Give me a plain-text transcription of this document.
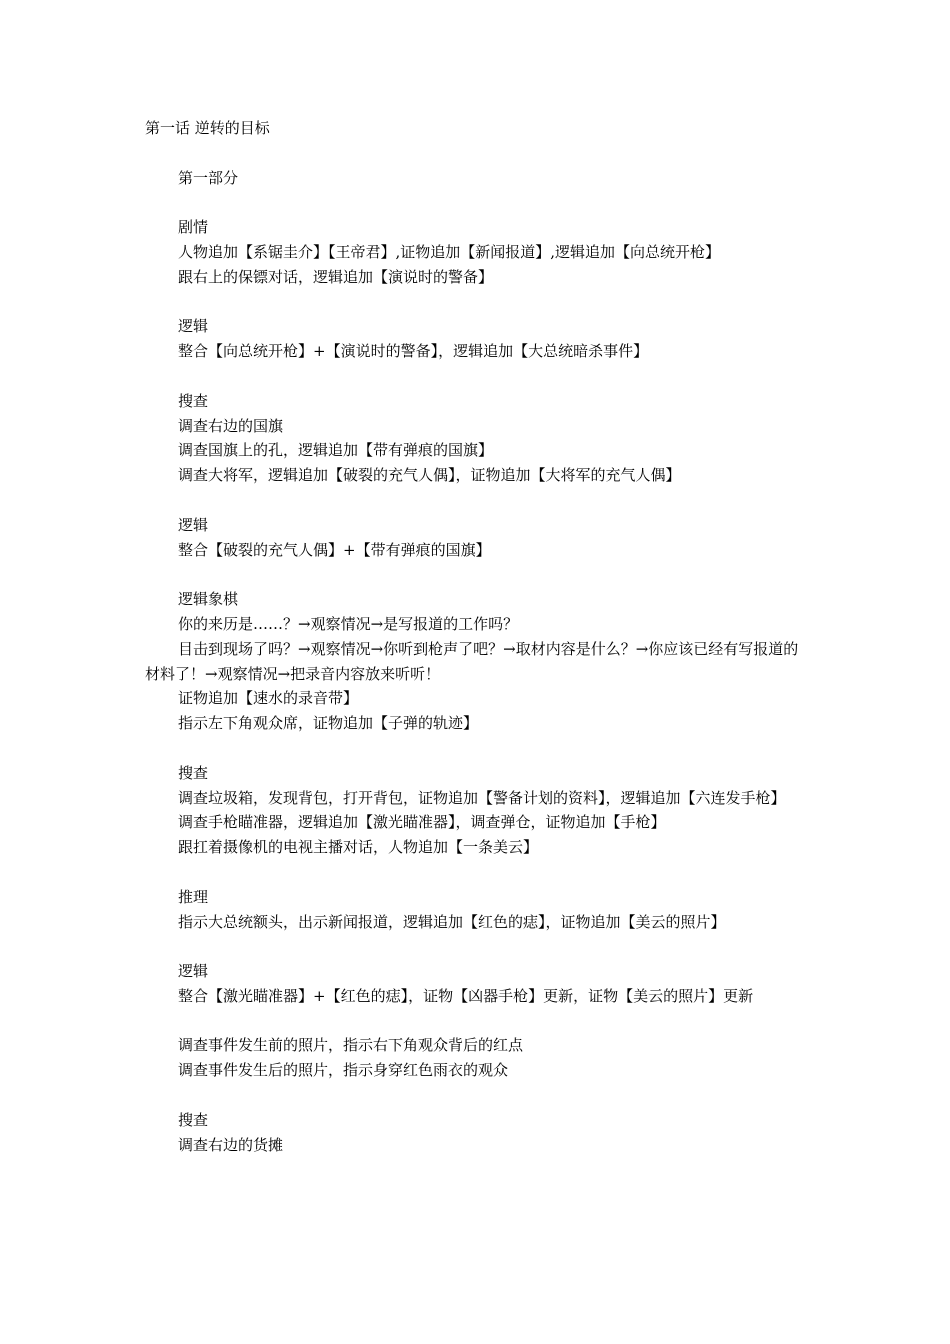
第一话 逆转的目标
第一部分
剧情
人物追加【系锯圭介】【王帝君】,证物追加【新闻报道】,逻辑追加【向总统开枪】
跟右上的保镖对话，逻辑追加【演说时的警备】
逻辑
整合【向总统开枪】+【演说时的警备】，逻辑追加【大总统暗杀事件】
搜查
调查右边的国旗
调查国旗上的孔，逻辑追加【带有弹痕的国旗】
调查大将军，逻辑追加【破裂的充气人偶】，证物追加【大将军的充气人偶】
逻辑
整合【破裂的充气人偶】+【带有弹痕的国旗】
逻辑象棋
你的来历是……？→观察情况→是写报道的工作吗？
目击到现场了吗？→观察情况→你听到枪声了吧？→取材内容是什么？→你应该已经有写报道的材料了！→观察情况→把录音内容放来听听！
证物追加【速水的录音带】
指示左下角观众席，证物追加【子弹的轨迹】
搜查
调查垃圾箱，发现背包，打开背包，证物追加【警备计划的资料】，逻辑追加【六连发手枪】
调查手枪瞄准器，逻辑追加【激光瞄准器】，调查弹仓，证物追加【手枪】
跟扛着摄像机的电视主播对话，人物追加【一条美云】
推理
指示大总统额头，出示新闻报道，逻辑追加【红色的痣】，证物追加【美云的照片】
逻辑
整合【激光瞄准器】+【红色的痣】，证物【凶器手枪】更新，证物【美云的照片】更新
调查事件发生前的照片，指示右下角观众背后的红点
调查事件发生后的照片，指示身穿红色雨衣的观众
搜查
调查右边的货摊
